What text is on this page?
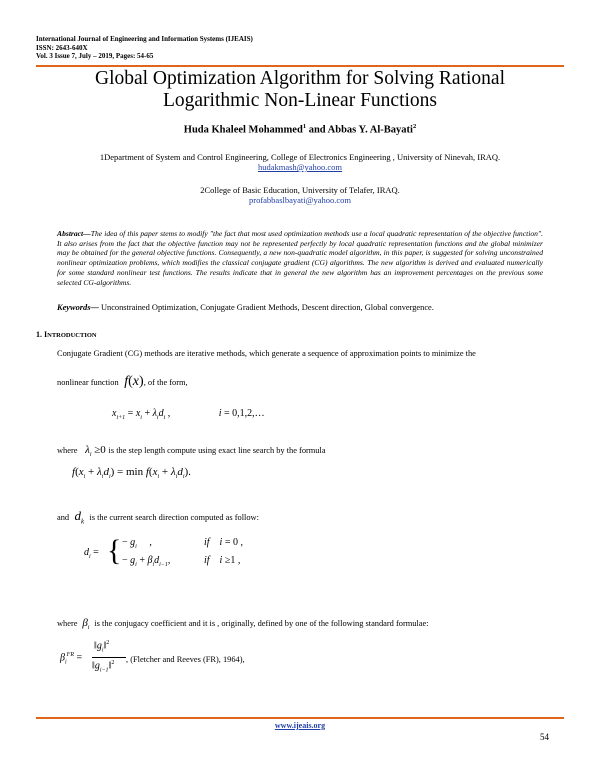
International Journal of Engineering and Information Systems (IJEAIS)
ISSN: 2643-640X
Vol. 3 Issue 7, July – 2019, Pages: 54-65
Global Optimization Algorithm for Solving Rational
Logarithmic Non-Linear Functions
Huda Khaleel Mohammed$^1$ and Abbas Y. Al-Bayati$^2$
1Department of System and Control Engineering, College of Electronics Engineering , University of Ninevah, IRAQ.
hudakmash@yahoo.com
2College of Basic Education, University of Telafer, IRAQ.
profabbaslbayati@yahoo.com
Abstract—The idea of this paper stems to modify "the fact that most used optimization methods use a local quadratic representation of the objective function". It also arises from the fact that the objective function may not be represented perfectly by local quadratic representation functions and the global minimizer may be obtained for the general objective functions. Consequently, a new non-quadratic model algorithm, in this paper, is suggested for solving unconstrained nonlinear optimization problems, which modifies the classical conjugate gradient (CG) algorithms. The new algorithm is derived and evaluated numerically for some standard nonlinear test functions. The results indicate that in general the new algorithm has an improvement percentages on the previous some selected CG-algorithms.
Keywords— Unconstrained Optimization, Conjugate Gradient Methods, Descent direction, Global convergence.
1. INTRODUCTION
Conjugate Gradient (CG) methods are iterative methods, which generate a sequence of approximation points to minimize the
nonlinear function  f(x), of the form,
$x_{i+1} = x_i + \lambda_id_i$ ,	i = 0,1,2,…
where   $\lambda_i \ge 0$ is the step length compute using exact line search by the formula
$f(x_i + \lambda_id_i) = \min f(x_i + \lambda_id_i)$.
and  $d_k$ is the current search direction computed as follow:
$d_i$ = { − $g_i$     ,	if    i = 0 ,
− $g_i + \beta_id_{i-1}$,	if    i ≥1 ,
where  $\beta_i$  is the conjugacy coefficient and it is , originally, defined by one of the following standard formulae:
$\beta_i^{FR}$ =
$‖g_i‖^2$
$‖g_{i-1}‖^2$ , (Fletcher and Reeves (FR), 1964),
www.ijeais.org
54
